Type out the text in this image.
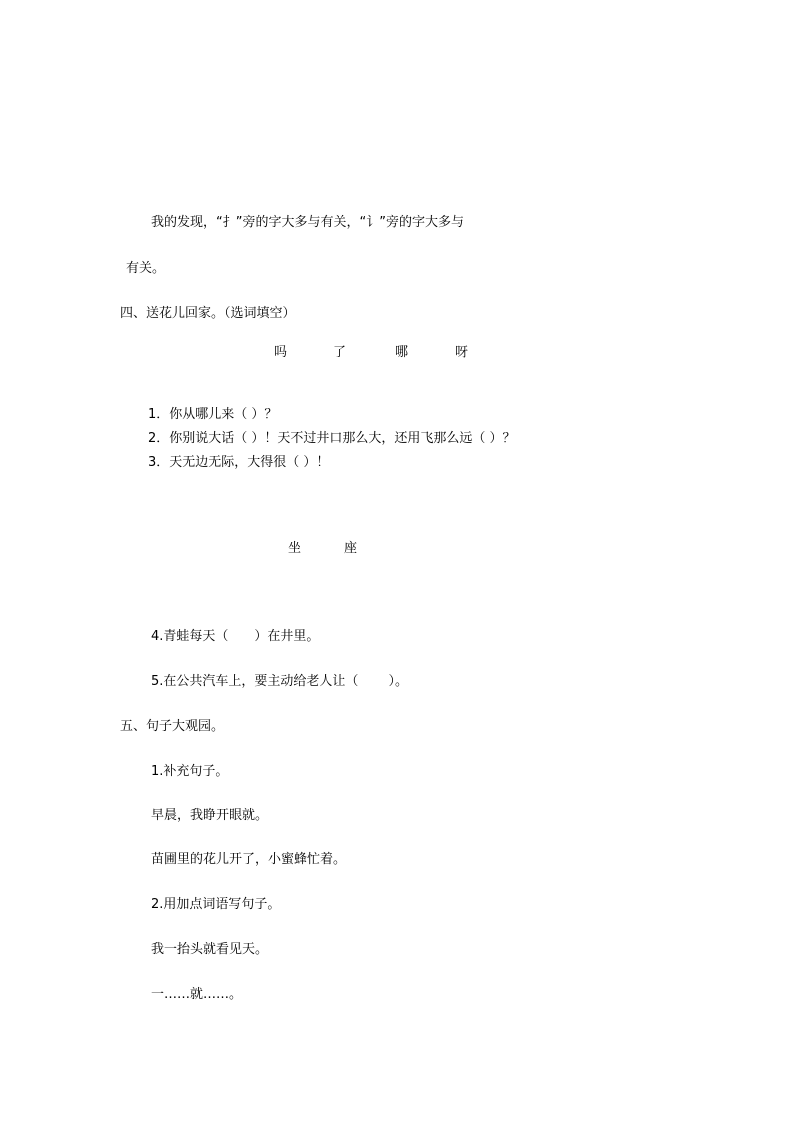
我的发现，“扌”旁的字大多与有关，“讠”旁的字大多与
有关。
四、送花儿回家。（选词填空）
吗	了	哪	呀
1．你从哪儿来（ ）？
2．你别说大话（ ）！天不过井口那么大，还用飞那么远（ ）？
3．天无边无际，大得很（ ）！
坐	座
4.青蛙每天（　　）在井里。
5.在公共汽车上，要主动给老人让（　　 ）。
五、句子大观园。
1.补充句子。
早晨，我睁开眼就。
苗圃里的花儿开了，小蜜蜂忙着。
2.用加点词语写句子。
我一抬头就看见天。
一……就……。
